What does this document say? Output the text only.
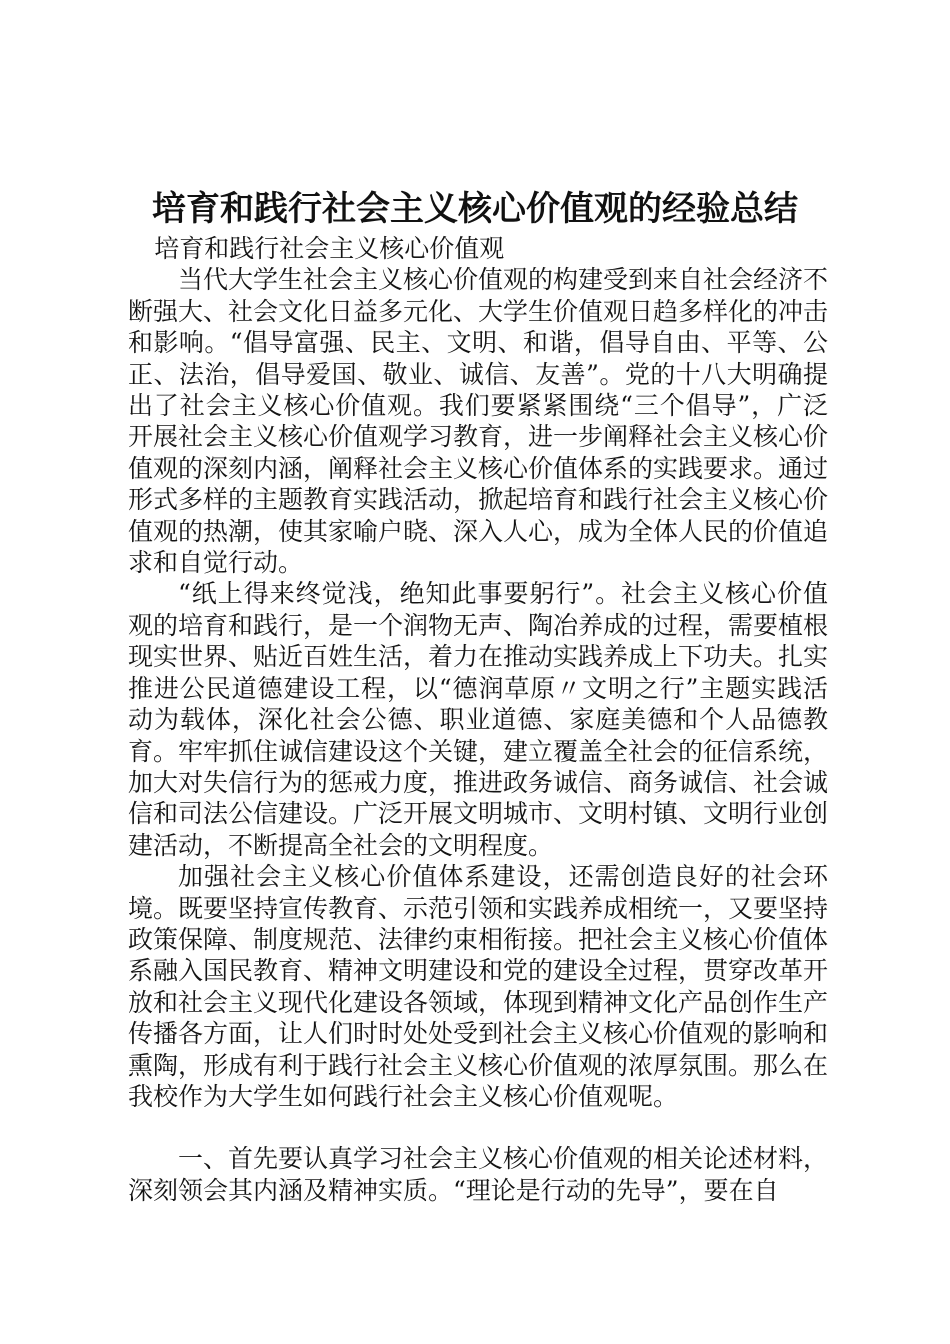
培育和践行社会主义核心价值观的经验总结

培育和践行社会主义核心价值观

当代大学生社会主义核心价值观的构建受到来自社会经济不断强大、社会文化日益多元化、大学生价值观日趋多样化的冲击和影响。“倡导富强、民主、文明、和谐，倡导自由、平等、公正、法治，倡导爱国、敬业、诚信、友善”。党的十八大明确提出了社会主义核心价值观。我们要紧紧围绕“三个倡导”，广泛开展社会主义核心价值观学习教育，进一步阐释社会主义核心价值观的深刻内涵，阐释社会主义核心价值体系的实践要求。通过形式多样的主题教育实践活动，掀起培育和践行社会主义核心价值观的热潮，使其家喻户晓、深入人心，成为全体人民的价值追求和自觉行动。

“纸上得来终觉浅，绝知此事要躬行”。社会主义核心价值观的培育和践行，是一个润物无声、陶冶养成的过程，需要植根现实世界、贴近百姓生活，着力在推动实践养成上下功夫。扎实推进公民道德建设工程，以“德润草原〃文明之行”主题实践活动为载体，深化社会公德、职业道德、家庭美德和个人品德教育。牢牢抓住诚信建设这个关键，建立覆盖全社会的征信系统，加大对失信行为的惩戒力度，推进政务诚信、商务诚信、社会诚信和司法公信建设。广泛开展文明城市、文明村镇、文明行业创建活动，不断提高全社会的文明程度。

加强社会主义核心价值体系建设，还需创造良好的社会环境。既要坚持宣传教育、示范引领和实践养成相统一，又要坚持政策保障、制度规范、法律约束相衔接。把社会主义核心价值体系融入国民教育、精神文明建设和党的建设全过程，贯穿改革开放和社会主义现代化建设各领域，体现到精神文化产品创作生产传播各方面，让人们时时处处受到社会主义核心价值观的影响和熏陶，形成有利于践行社会主义核心价值观的浓厚氛围。那么在我校作为大学生如何践行社会主义核心价值观呢。

一、首先要认真学习社会主义核心价值观的相关论述材料，深刻领会其内涵及精神实质。“理论是行动的先导”，要在自
